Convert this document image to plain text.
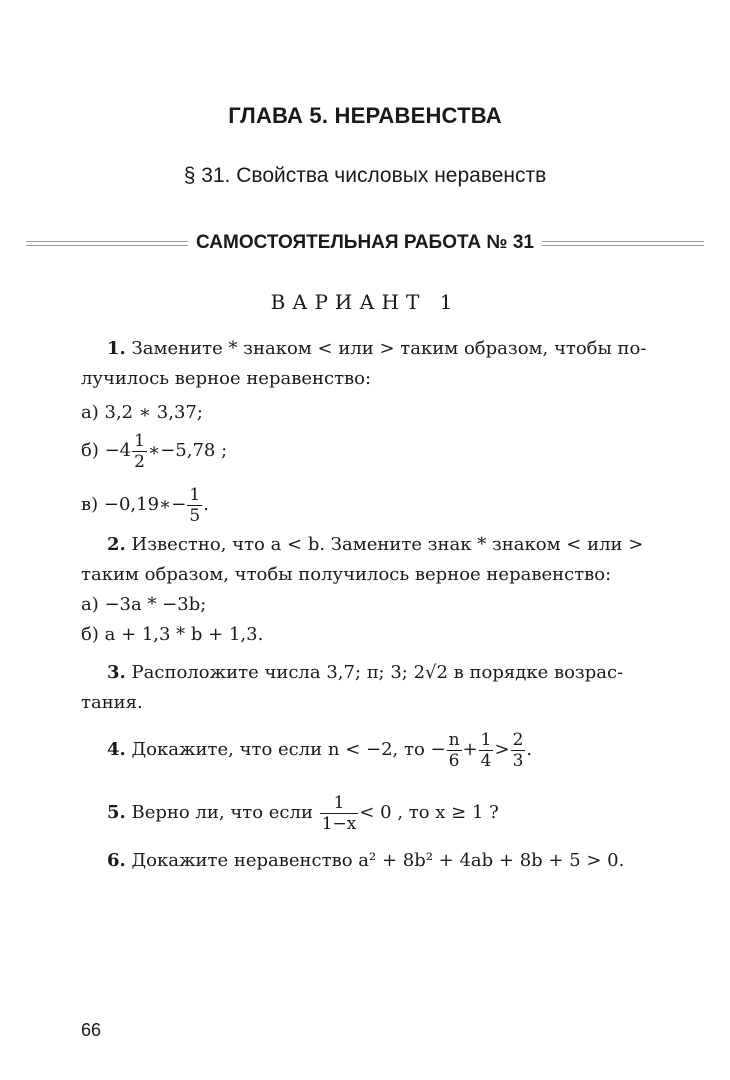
ГЛАВА 5. НЕРАВЕНСТВА
§ 31. Свойства числовых неравенств
САМОСТОЯТЕЛЬНАЯ РАБОТА № 31
ВАРИАНТ 1
1. Замените * знаком < или > таким образом, чтобы по-
лучилось верное неравенство:
а) 3,2 ∗ 3,37;
б)
$-4 \frac{1}{2}$ ∗−5,78 ;
в)
−0,19∗− $\frac{1}{5}$ .
2. Известно, что a < b. Замените знак * знаком < или >
таким образом, чтобы получилось верное неравенство:
а) −3a * −3b;
б) a + 1,3 * b + 1,3.
3. Расположите числа 3,7; π; 3; 2√2 в порядке возрас-
тания.
4.
Докажите, что если n < −2, то − $\frac{n}{6} + \frac{1}{4} > \frac{2}{3}$ .
5.
Верно ли, что если
$\frac{1}{1-x} < 0$ , то x ≥ 1 ?
6. Докажите неравенство a² + 8b² + 4ab + 8b + 5 > 0.
66
